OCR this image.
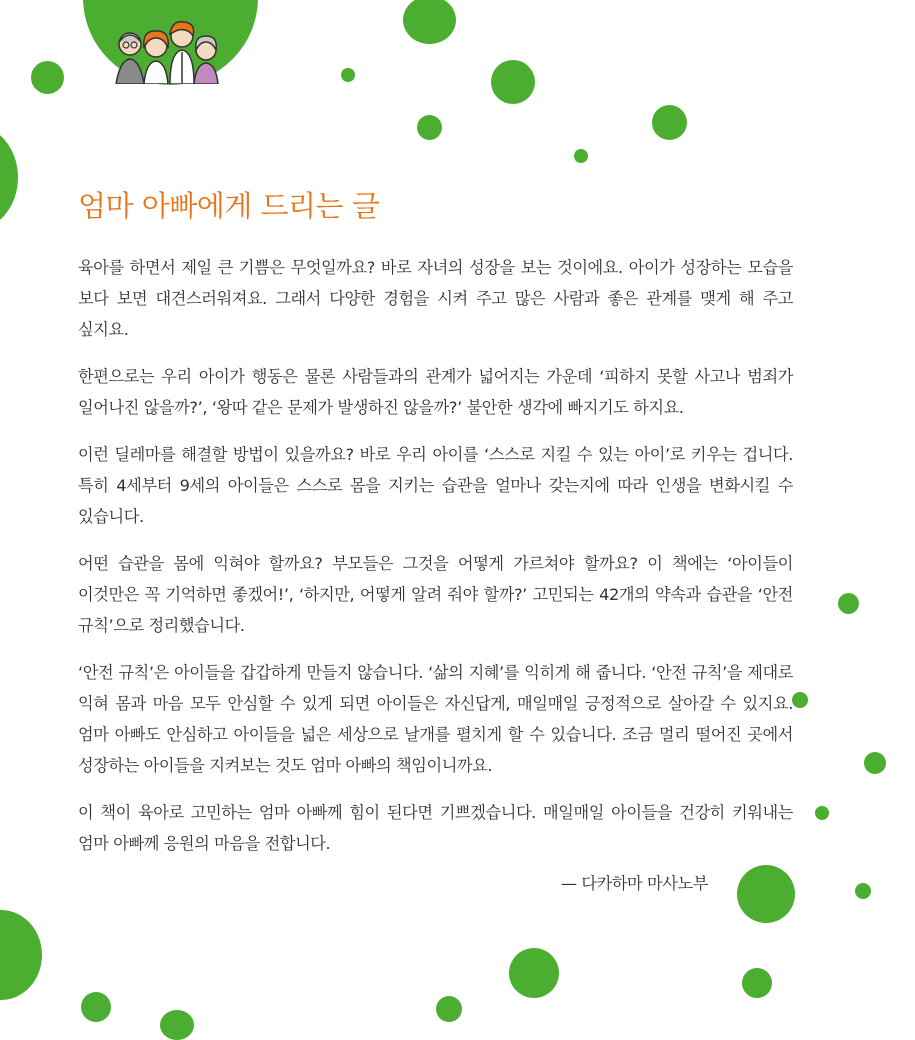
엄마 아빠에게 드리는 글

육아를 하면서 제일 큰 기쁨은 무엇일까요? 바로 자녀의 성장을 보는 것이에요. 아이가 성장하는 모습을 보다 보면 대견스러워져요. 그래서 다양한 경험을 시켜 주고 많은 사람과 좋은 관계를 맺게 해 주고 싶지요.

한편으로는 우리 아이가 행동은 물론 사람들과의 관계가 넓어지는 가운데 ‘피하지 못할 사고나 범죄가 일어나진 않을까?’, ‘왕따 같은 문제가 발생하진 않을까?’ 불안한 생각에 빠지기도 하지요.

이런 딜레마를 해결할 방법이 있을까요? 바로 우리 아이를 ‘스스로 지킬 수 있는 아이’로 키우는 겁니다. 특히 4세부터 9세의 아이들은 스스로 몸을 지키는 습관을 얼마나 갖는지에 따라 인생을 변화시킬 수 있습니다.

어떤 습관을 몸에 익혀야 할까요? 부모들은 그것을 어떻게 가르쳐야 할까요? 이 책에는 ‘아이들이 이것만은 꼭 기억하면 좋겠어!’, ‘하지만, 어떻게 알려 줘야 할까?’ 고민되는 42개의 약속과 습관을 ‘안전 규칙’으로 정리했습니다.

‘안전 규칙’은 아이들을 갑갑하게 만들지 않습니다. ‘삶의 지혜’를 익히게 해 줍니다. ‘안전 규칙’을 제대로 익혀 몸과 마음 모두 안심할 수 있게 되면 아이들은 자신답게, 매일매일 긍정적으로 살아갈 수 있지요. 엄마 아빠도 안심하고 아이들을 넓은 세상으로 날개를 펼치게 할 수 있습니다. 조금 멀리 떨어진 곳에서 성장하는 아이들을 지켜보는 것도 엄마 아빠의 책임이니까요.

이 책이 육아로 고민하는 엄마 아빠께 힘이 된다면 기쁘겠습니다. 매일매일 아이들을 건강히 키워내는 엄마 아빠께 응원의 마음을 전합니다.

— 다카하마 마사노부
